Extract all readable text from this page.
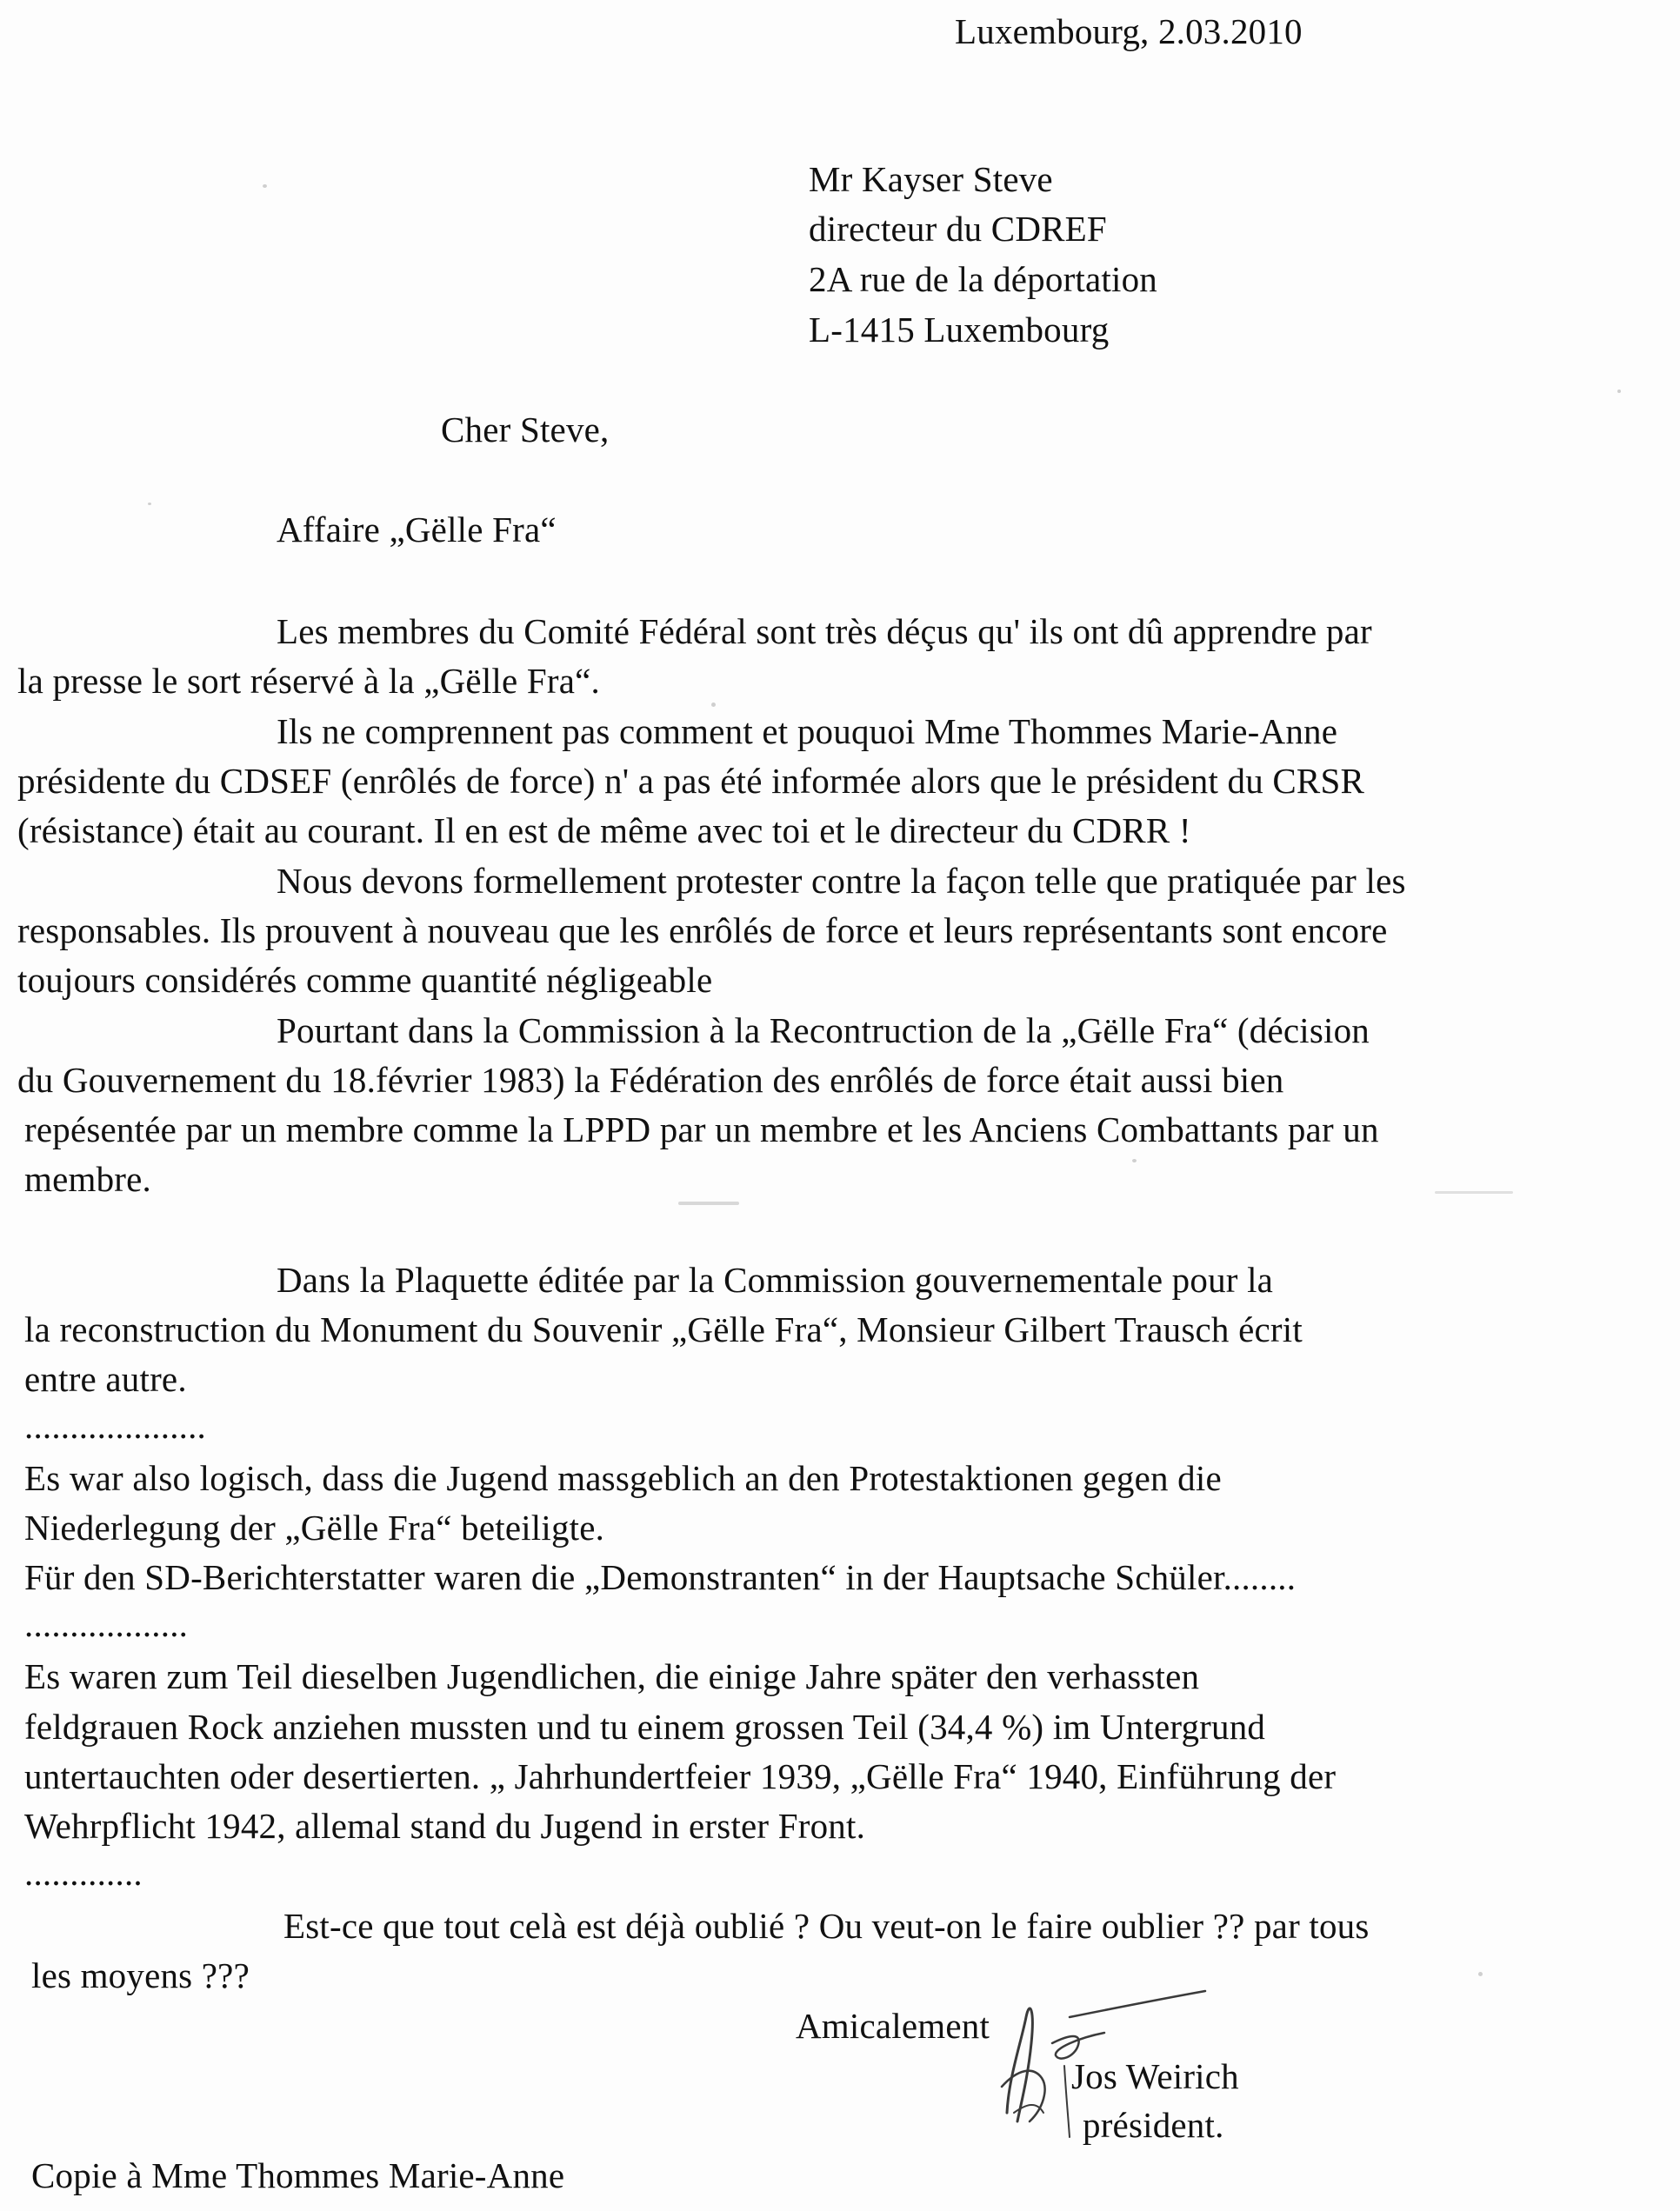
Luxembourg, 2.03.2010
Mr Kayser Steve
directeur du CDREF
2A rue de la déportation
L-1415 Luxembourg
Cher Steve,
Affaire „Gëlle Fra“
Les membres du Comité Fédéral sont très déçus qu' ils ont dû apprendre par
la presse le sort réservé à la „Gëlle Fra“.
Ils ne comprennent pas comment et pouquoi Mme Thommes Marie-Anne
présidente du CDSEF (enrôlés de force) n' a pas été informée alors que le président du CRSR
(résistance) était au courant. Il en est de même avec toi et le directeur du CDRR !
Nous devons formellement protester contre la façon telle que pratiquée par les
responsables. Ils prouvent à nouveau que les enrôlés de force et leurs représentants sont encore
toujours considérés comme quantité négligeable
Pourtant dans la Commission à la Recontruction de la „Gëlle Fra“ (décision
du Gouvernement du 18.février 1983) la Fédération des enrôlés de force était aussi bien
repésentée par un membre comme la LPPD par un membre et les Anciens Combattants par un
membre.
Dans la Plaquette éditée par la Commission gouvernementale pour la
la reconstruction du Monument du Souvenir „Gëlle Fra“, Monsieur Gilbert Trausch écrit
entre autre.
....................
Es war also logisch, dass die Jugend massgeblich an den Protestaktionen gegen die
Niederlegung der „Gëlle Fra“ beteiligte.
Für den SD-Berichterstatter waren die „Demonstranten“ in der Hauptsache Schüler........
..................
Es waren zum Teil dieselben Jugendlichen, die einige Jahre später den verhassten
feldgrauen Rock anziehen mussten und tu einem grossen Teil (34,4 %) im Untergrund
untertauchten oder desertierten. „ Jahrhundertfeier 1939, „Gëlle Fra“ 1940, Einführung der
Wehrpflicht 1942, allemal stand du Jugend in erster Front.
.............
Est-ce que tout celà est déjà oublié ? Ou veut-on le faire oublier ?? par tous
les moyens ???
Amicalement
Jos Weirich
président.
Copie à Mme Thommes Marie-Anne
